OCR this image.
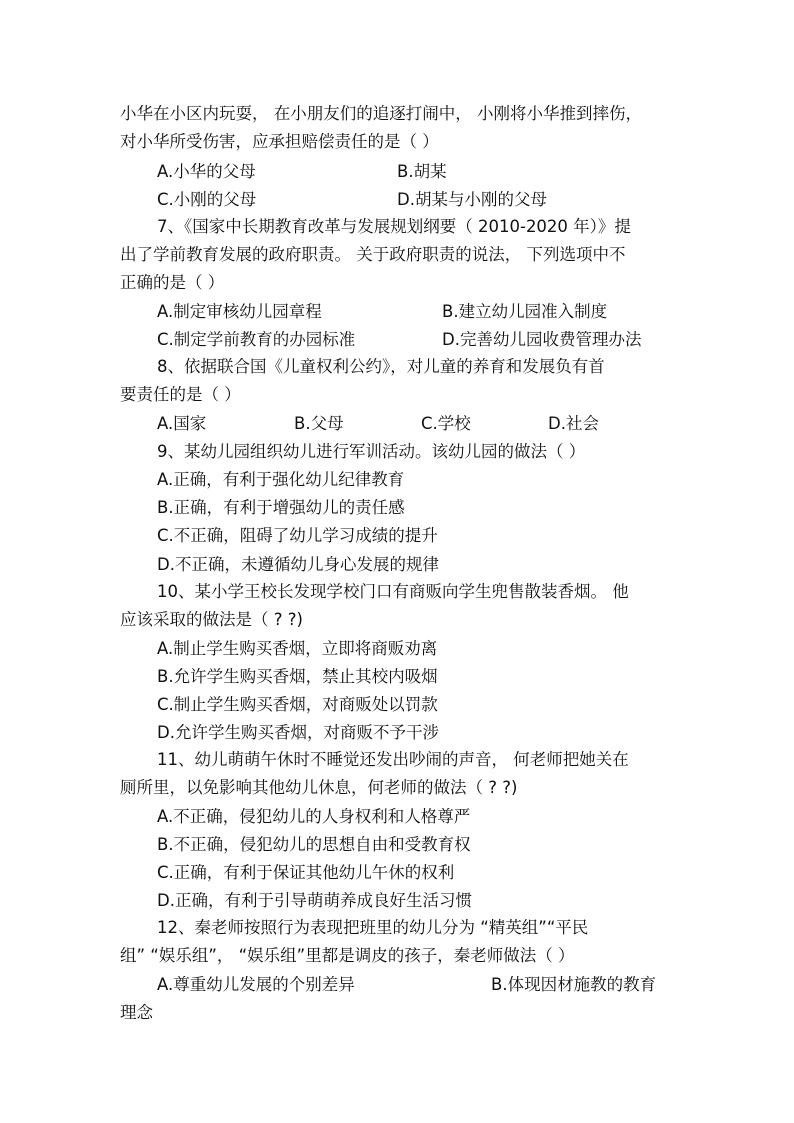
小华在小区内玩耍， 在小朋友们的追逐打闹中， 小刚将小华推到摔伤，
对小华所受伤害，应承担赔偿责任的是（ ）
A.小华的父母	B.胡某
C.小刚的父母	D.胡某与小刚的父母
7、《国家中长期教育改革与发展规划纲要（ 2010-2020 年）》提
出了学前教育发展的政府职责。 关于政府职责的说法， 下列选项中不
正确的是（ ）
A.制定审核幼儿园章程	B.建立幼儿园准入制度
C.制定学前教育的办园标准	D.完善幼儿园收费管理办法
8、依据联合国《儿童权利公约》，对儿童的养育和发展负有首
要责任的是（ ）
A.国家	B.父母	C.学校	D.社会
9、某幼儿园组织幼儿进行军训活动。该幼儿园的做法（ ）
A.正确，有利于强化幼儿纪律教育
B.正确，有利于增强幼儿的责任感
C.不正确，阻碍了幼儿学习成绩的提升
D.不正确，未遵循幼儿身心发展的规律
10、某小学王校长发现学校门口有商贩向学生兜售散装香烟。 他
应该采取的做法是（ ? ?)
A.制止学生购买香烟，立即将商贩劝离
B.允许学生购买香烟，禁止其校内吸烟
C.制止学生购买香烟，对商贩处以罚款
D.允许学生购买香烟，对商贩不予干涉
11、幼儿萌萌午休时不睡觉还发出吵闹的声音， 何老师把她关在
厕所里，以免影响其他幼儿休息，何老师的做法（ ? ?)
A.不正确，侵犯幼儿的人身权利和人格尊严
B.不正确，侵犯幼儿的思想自由和受教育权
C.正确，有利于保证其他幼儿午休的权利
D.正确，有利于引导萌萌养成良好生活习惯
12、秦老师按照行为表现把班里的幼儿分为 “精英组”“平民
组” “娱乐组”， “娱乐组”里都是调皮的孩子，秦老师做法（ ）
A.尊重幼儿发展的个别差异	B.体现因材施教的教育
理念
